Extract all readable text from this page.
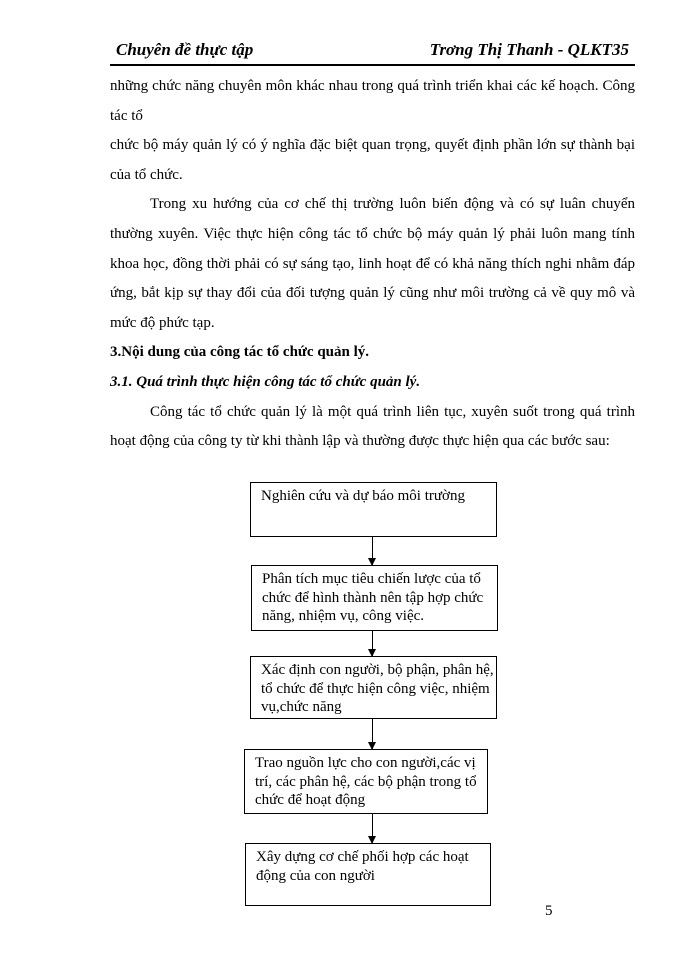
Chuyên đề thực tập	Trơng Thị Thanh - QLKT35

những chức năng chuyên môn khác nhau trong quá trình triển khai các kế hoạch. Công tác tổ

chức bộ máy quản lý có ý nghĩa đặc biệt quan trọng, quyết định phần lớn sự thành bại của tổ chức.

Trong xu hướng của cơ chế thị trường luôn biến động và có sự luân chuyển thường xuyên. Việc thực hiện công tác tổ chức bộ máy quản lý phải luôn mang tính khoa học, đồng thời phải có sự sáng tạo, linh hoạt để có khả năng thích nghi nhằm đáp ứng, bắt kịp sự thay đổi của đối tượng quản lý cũng như môi trường cả về quy mô và mức độ phức tạp.

3.Nội dung của công tác tổ chức quản lý.

3.1. Quá trình thực hiện công tác tổ chức quản lý.

Công tác tổ chức quản lý là một quá trình liên tục, xuyên suốt trong quá trình hoạt động của công ty từ khi thành lập và thường được thực hiện qua các bước sau:

Nghiên cứu và dự báo môi trường
Phân tích mục tiêu chiến lược của tổ chức để hình thành nên tập hợp chức năng, nhiệm vụ, công việc.
Xác định con người, bộ phận, phân hệ, tổ chức để thực hiện công việc, nhiệm vụ,chức năng
Trao nguồn lực cho con người,các vị trí, các phân hệ, các bộ phận trong tổ chức để hoạt động
Xây dựng cơ chế phối hợp các hoạt động của con người
5
